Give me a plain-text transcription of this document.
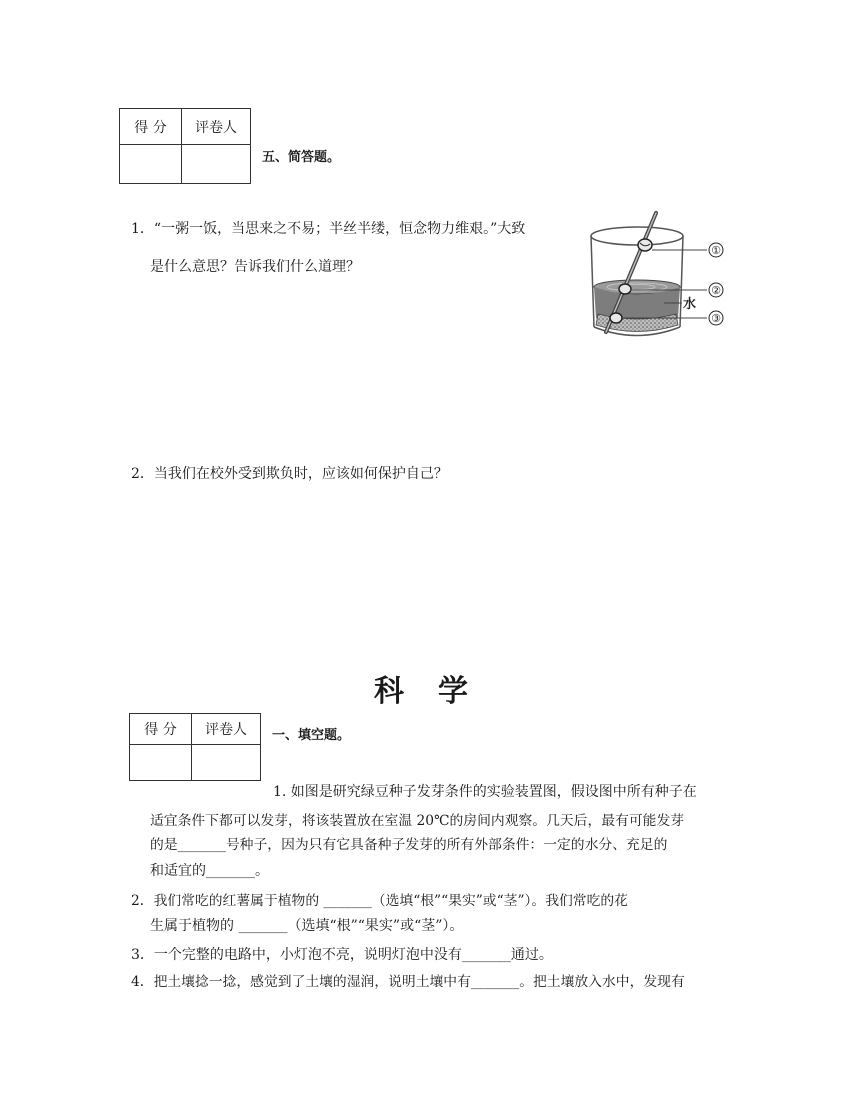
得 分	评卷人

五、简答题。
1．“一粥一饭，当思来之不易；半丝半缕，恒念物力维艰。”大致
是什么意思？告诉我们什么道理？
①
②
③
水
2．当我们在校外受到欺负时，应该如何保护自己？
科学
得 分	评卷人
	一、填空题。
1. 如图是研究绿豆种子发芽条件的实验装置图，假设图中所有种子在
适宜条件下都可以发芽，将该装置放在室温 20℃的房间内观察。几天后，最有可能发芽
的是_______号种子，因为只有它具备种子发芽的所有外部条件：一定的水分、充足的
和适宜的_______。
2．我们常吃的红薯属于植物的 _______（选填“根”“果实”或“茎”）。我们常吃的花
生属于植物的 _______（选填“根”“果实”或“茎”）。
3．一个完整的电路中，小灯泡不亮，说明灯泡中没有_______通过。
4．把土壤捻一捻，感觉到了土壤的湿润，说明土壤中有_______。把土壤放入水中，发现有
